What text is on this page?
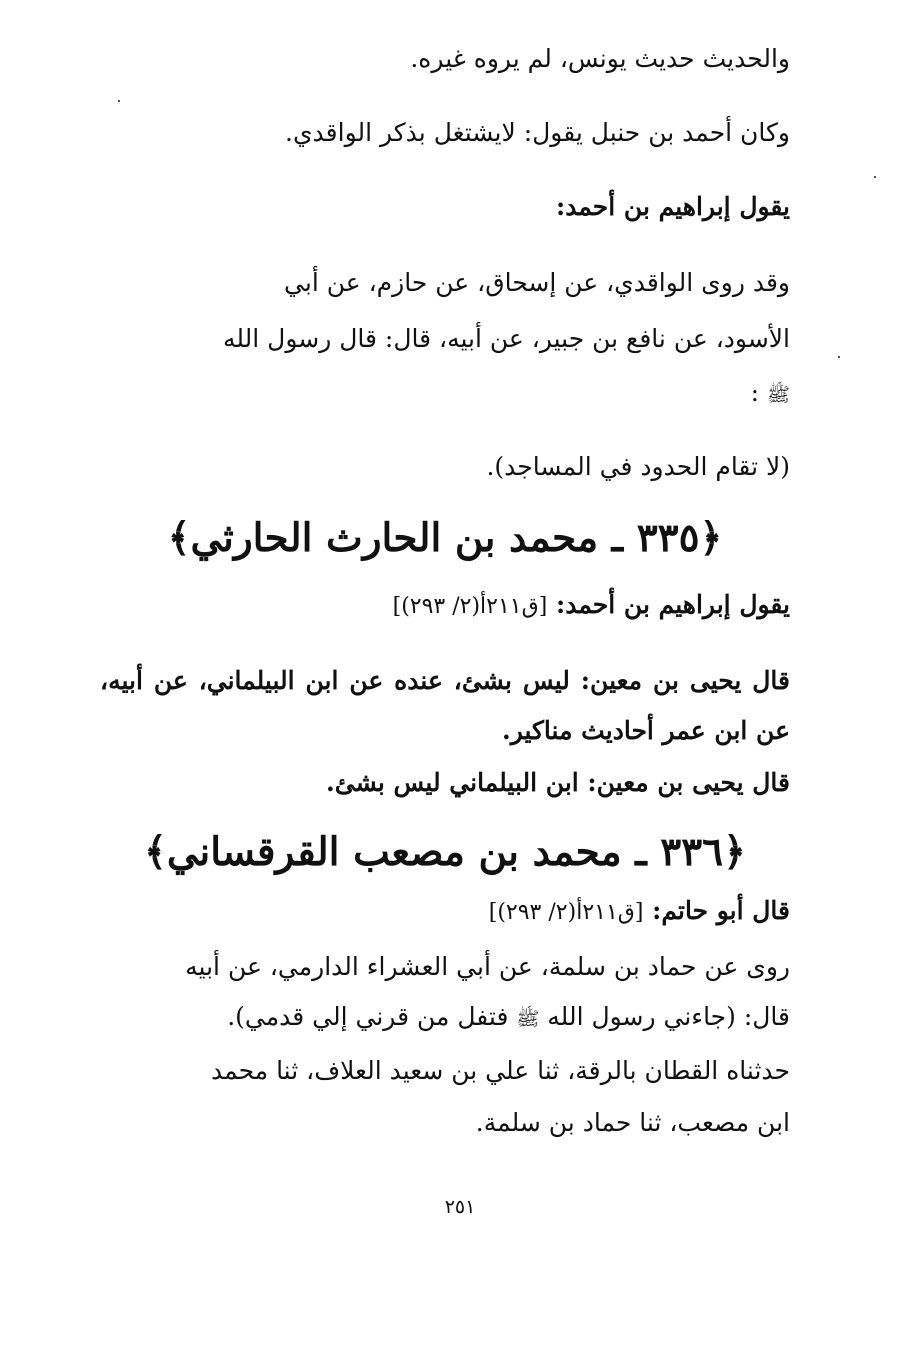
والحديث حديث يونس، لم يروه غيره.

وكان أحمد بن حنبل يقول: لايشتغل بذكر الواقدي.

يقول إبراهيم بن أحمد:

وقد روى الواقدي، عن إسحاق، عن حازم، عن أبي

الأسود، عن نافع بن جبير، عن أبيه، قال: قال رسول الله

ﷺ :

(لا تقام الحدود في المساجد).

﴿٣٣٥ ـ محمد بن الحارث الحارثي﴾

يقول إبراهيم بن أحمد: [ق٢١١أ(٢/ ٢٩٣)]

قال يحيى بن معين: ليس بشئ، عنده عن ابن البيلماني، عن أبيه، عن ابن عمر أحاديث مناكير.

قال يحيى بن معين: ابن البيلماني ليس بشئ.

﴿٣٣٦ ـ محمد بن مصعب القرقساني﴾

قال أبو حاتم: [ق٢١١أ(٢/ ٢٩٣)]

روى عن حماد بن سلمة، عن أبي العشراء الدارمي، عن أبيه

قال: (جاءني رسول الله ﷺ فتفل من قرني إلي قدمي).

حدثناه القطان بالرقة، ثنا علي بن سعيد العلاف، ثنا محمد

ابن مصعب، ثنا حماد بن سلمة.

٢٥١
